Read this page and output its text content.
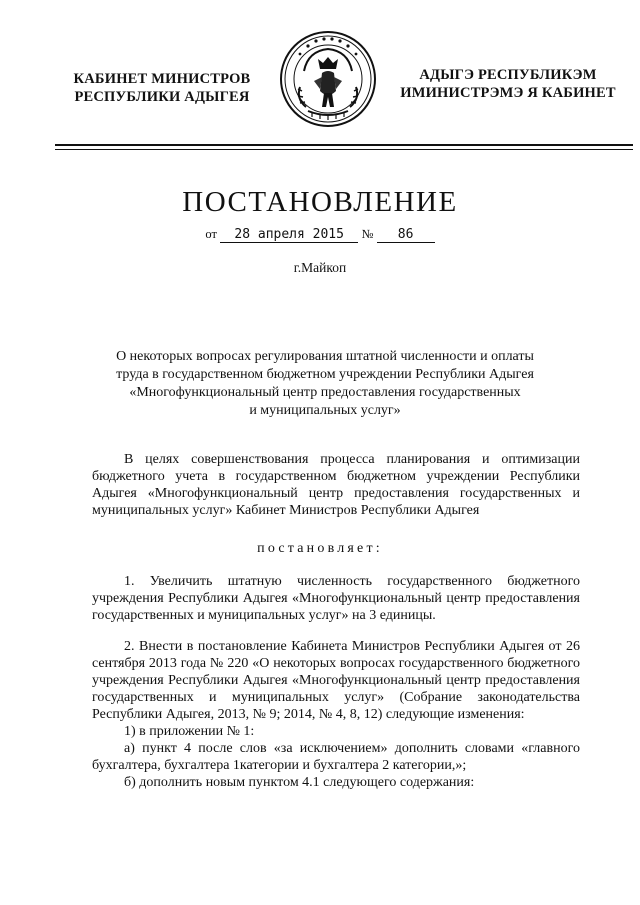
КАБИНЕТ МИНИСТРОВ
РЕСПУБЛИКИ АДЫГЕЯ
АДЫГЭ РЕСПУБЛИКЭМ
ИМИНИСТРЭМЭ Я КАБИНЕТ
ПОСТАНОВЛЕНИЕ
от 28 апреля 2015 № 86
г.Майкоп
О некоторых вопросах регулирования штатной численности и оплаты
труда в государственном бюджетном учреждении Республики Адыгея
«Многофункциональный центр предоставления государственных
и муниципальных услуг»
В целях совершенствования процесса планирования и оптимизации бюджетного учета в государственном бюджетном учреждении Республики Адыгея «Многофункциональный центр предоставления государственных и муниципальных услуг» Кабинет Министров Республики Адыгея
постановляет:
1. Увеличить штатную численность государственного бюджетного учреждения Республики Адыгея «Многофункциональный центр предоставления государственных и муниципальных услуг» на 3 единицы.
2. Внести в постановление Кабинета Министров Республики Адыгея от 26 сентября 2013 года № 220 «О некоторых вопросах государственного бюджетного учреждения Республики Адыгея «Многофункциональный центр предоставления государственных и муниципальных услуг» (Собрание законодательства Республики Адыгея, 2013, № 9; 2014, № 4, 8, 12) следующие изменения:
1) в приложении № 1:
а) пункт 4 после слов «за исключением» дополнить словами «главного бухгалтера, бухгалтера 1категории и бухгалтера 2 категории,»;
б) дополнить новым пунктом 4.1 следующего содержания:
